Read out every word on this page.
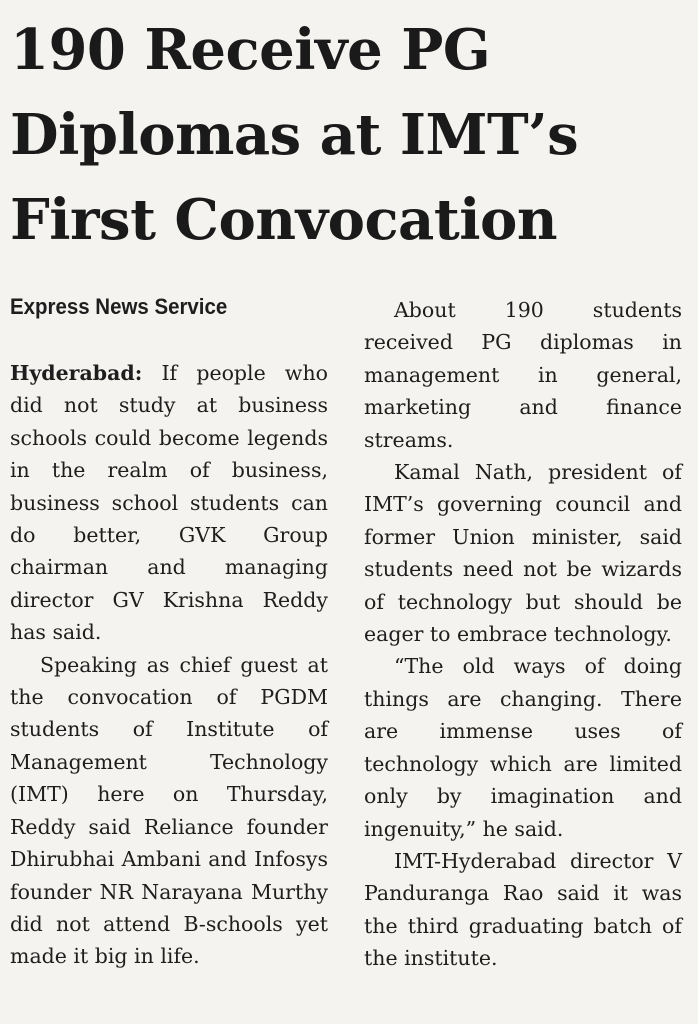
190 Receive PG
Diplomas at IMT’s
First Convocation
Express News Service

Hyderabad: If people who did not study at business schools could become legends in the realm of business, business school students can do better, GVK Group chairman and managing director GV Krishna Reddy has said.

Speaking as chief guest at the convocation of PGDM students of Institute of Management Technology (IMT) here on Thursday, Reddy said Reliance founder Dhirubhai Ambani and Infosys founder NR Narayana Murthy did not attend B-schools yet made it big in life.

About 190 students received PG diplomas in management in general, marketing and finance streams.

Kamal Nath, president of IMT’s governing council and former Union minister, said students need not be wizards of technology but should be eager to embrace technology.

“The old ways of doing things are changing. There are immense uses of technology which are limited only by imagination and ingenuity,” he said.

IMT-Hyderabad director V Panduranga Rao said it was the third graduating batch of the institute.
